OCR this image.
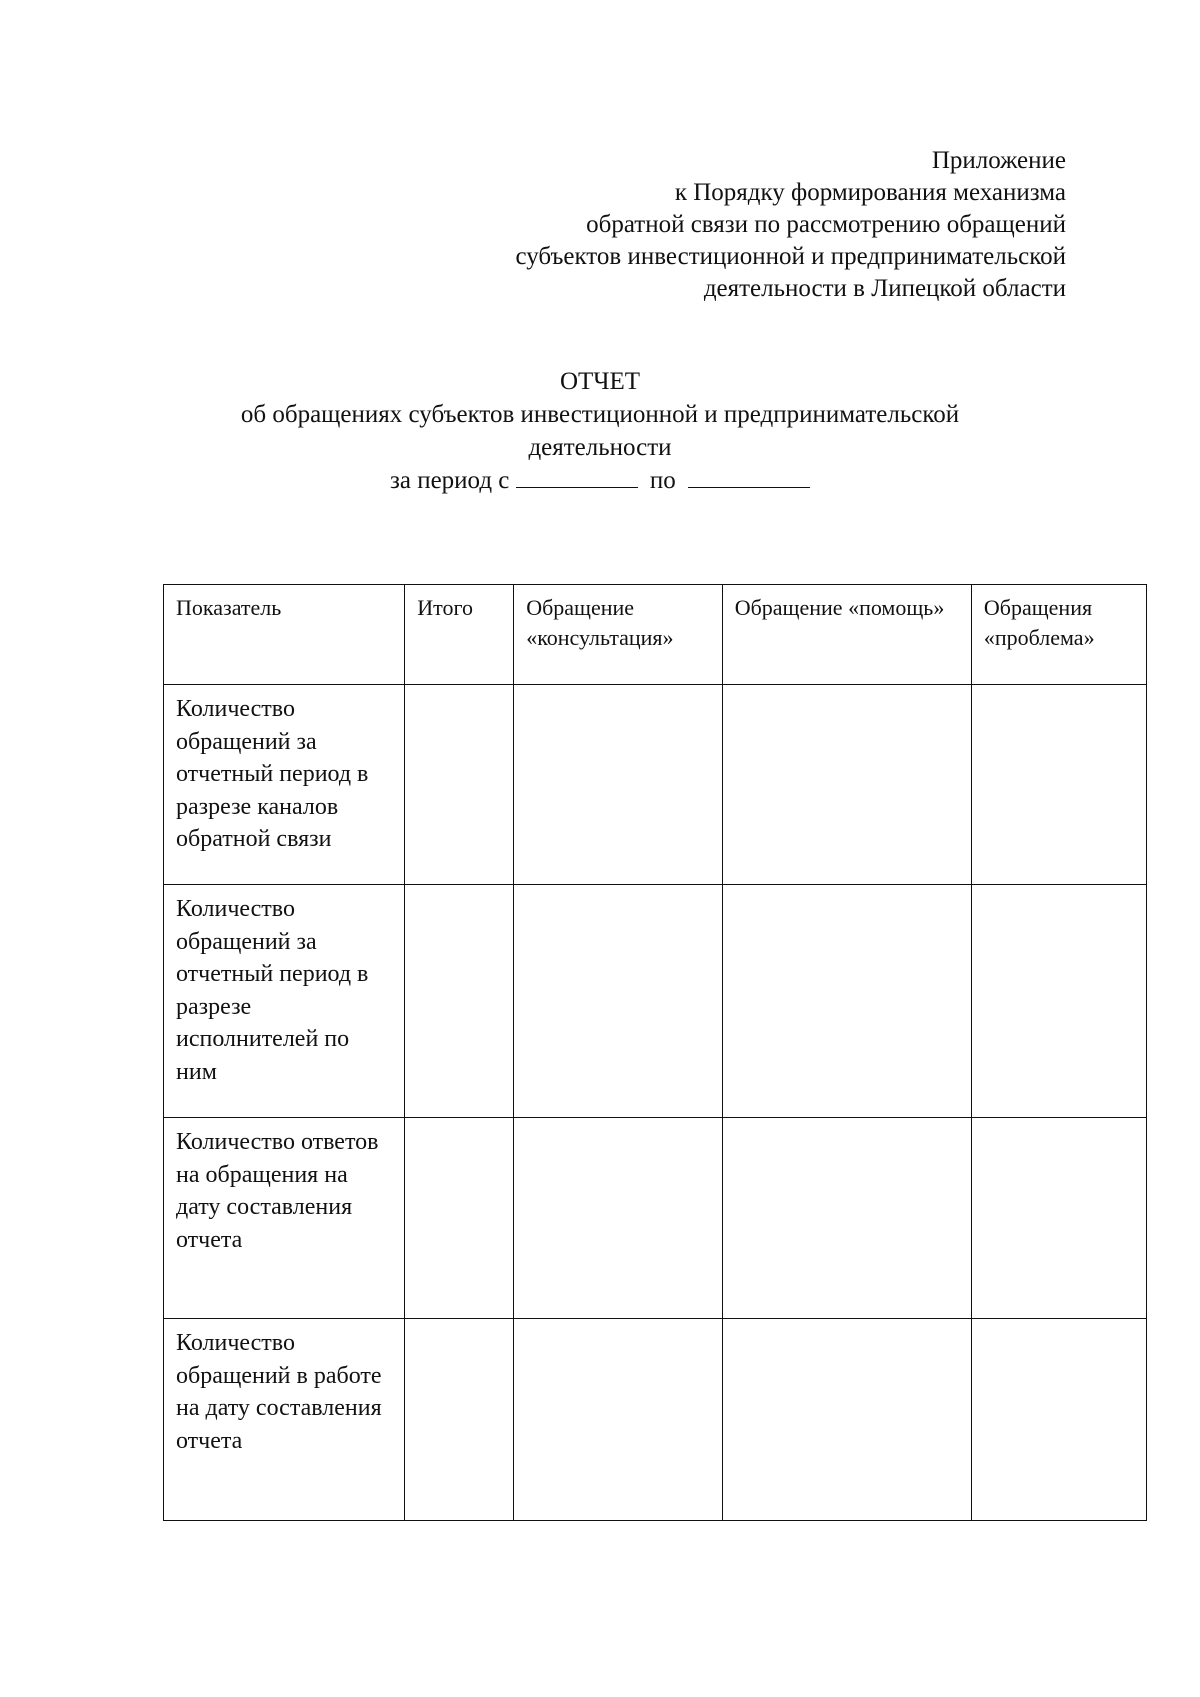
Приложение
к Порядку формирования механизма
обратной связи по рассмотрению обращений
субъектов инвестиционной и предпринимательской
деятельности в Липецкой области
ОТЧЕТ
об обращениях субъектов инвестиционной и предпринимательской
деятельности
за период с	по
Показатель	Итого	Обращение «консультация»	Обращение «помощь»	Обращения «проблема»
Количество обращений за отчетный период в разрезе каналов обратной связи				
Количество обращений за отчетный период в разрезе исполнителей по ним				
Количество ответов на обращения на дату составления отчета				
Количество обращений в работе на дату составления отчета				
